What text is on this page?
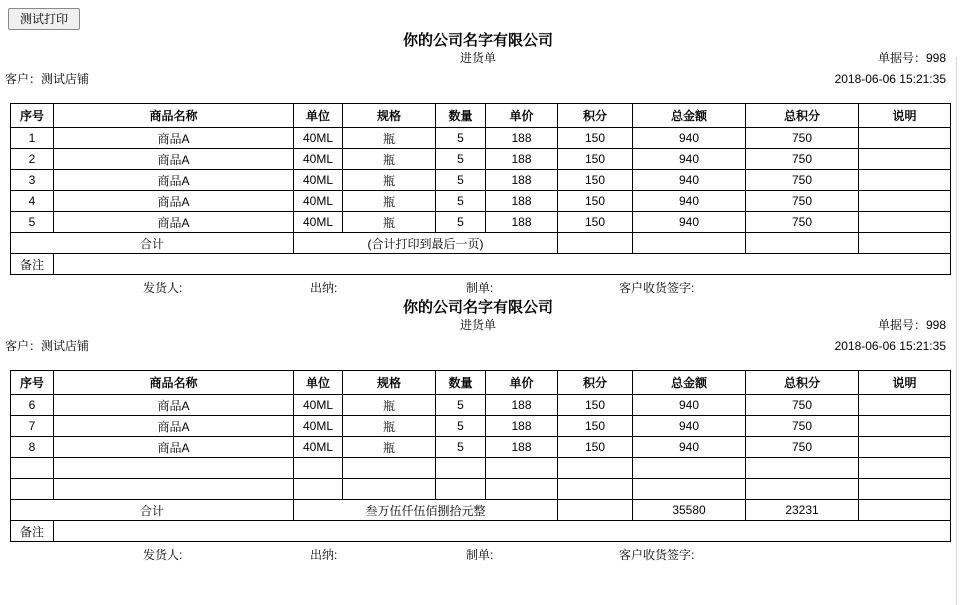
测试打印
你的公司名字有限公司
进货单	单据号：998
客户：测试店铺	2018-06-06 15:21:35
序号	商品名称	单位	规格	数量	单价	积分	总金额	总积分	说明
1	商品A	40ML	瓶	5	188	150	940	750	
2	商品A	40ML	瓶	5	188	150	940	750	
3	商品A	40ML	瓶	5	188	150	940	750	
4	商品A	40ML	瓶	5	188	150	940	750	
5	商品A	40ML	瓶	5	188	150	940	750	
合计		(合计打印到最后一页)							
备注									
发货人:	出纳:	制单:	客户收货签字:
你的公司名字有限公司
进货单	单据号：998
客户：测试店铺	2018-06-06 15:21:35
序号	商品名称	单位	规格	数量	单价	积分	总金额	总积分	说明
6	商品A	40ML	瓶	5	188	150	940	750	
7	商品A	40ML	瓶	5	188	150	940	750	
8	商品A	40ML	瓶	5	188	150	940	750	

合计		叁万伍仟伍佰捌拾元整					35580	23231	
备注									
发货人:	出纳:	制单:	客户收货签字:
